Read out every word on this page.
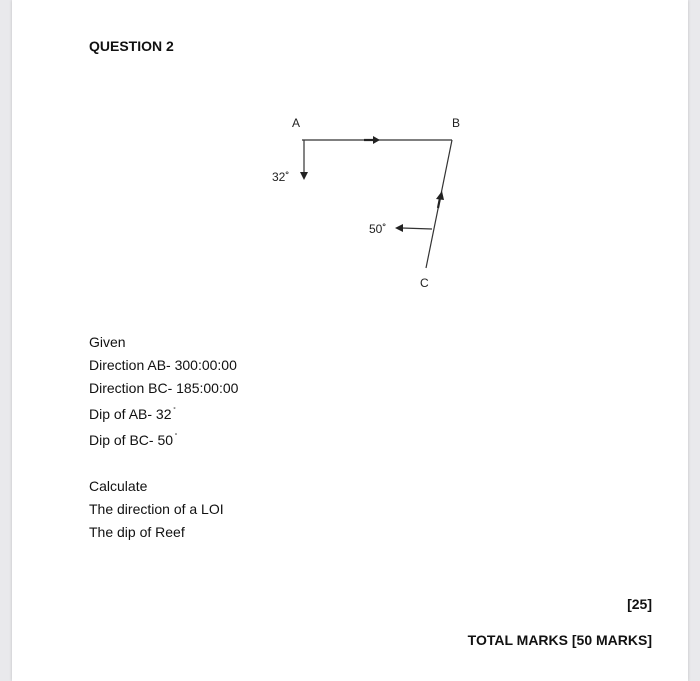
QUESTION 2
A	B
C
32˚
50˚
Given
Direction AB- 300:00:00
Direction BC- 185:00:00
Dip of AB- 32 ˚
Dip of BC- 50 ˚
Calculate
The direction of a LOI
The dip of Reef
[25]
TOTAL MARKS [50 MARKS]
